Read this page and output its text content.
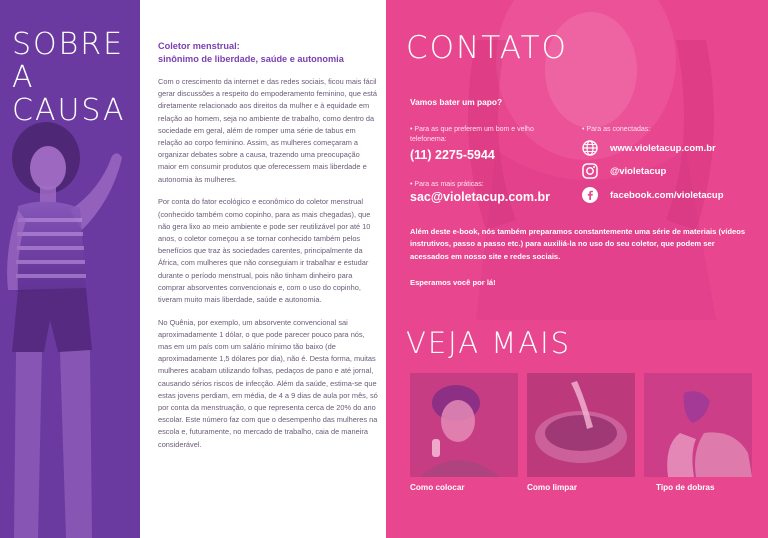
SOBRE
A CAUSA
Coletor menstrual:
sinônimo de liberdade, saúde e autonomia

Com o crescimento da internet e das redes sociais, ficou mais fácil gerar discussões a respeito do empoderamento feminino, que está diretamente relacionado aos direitos da mulher e à equidade em relação ao homem, seja no ambiente de trabalho, como dentro da sociedade em geral, além de romper uma série de tabus em relação ao corpo feminino. Assim, as mulheres começaram a organizar debates sobre a causa, trazendo uma preocupação maior em consumir produtos que oferecessem mais liberdade e autonomia às mulheres.

Por conta do fator ecológico e econômico do coletor menstrual (conhecido também como copinho, para as mais chegadas), que não gera lixo ao meio ambiente e pode ser reutilizável por até 10 anos, o coletor começou a se tornar conhecido também pelos benefícios que traz às sociedades carentes, principalmente da África, com mulheres que não conseguiam ir trabalhar e estudar durante o período menstrual, pois não tinham dinheiro para comprar absorventes convencionais e, com o uso do copinho, tiveram muito mais liberdade, saúde e autonomia.

No Quênia, por exemplo, um absorvente convencional sai aproximadamente 1 dólar, o que pode parecer pouco para nós, mas em um país com um salário mínimo tão baixo (de aproximadamente 1,5 dólares por dia), não é. Desta forma, muitas mulheres acabam utilizando folhas, pedaços de pano e até jornal, causando sérios riscos de infecção. Além da saúde, estima-se que estas jovens perdiam, em média, de 4 a 9 dias de aula por mês, só por conta da menstruação, o que representa cerca de 20% do ano escolar. Este número faz com que o desempenho das mulheres na escola e, futuramente, no mercado de trabalho, caia de maneira considerável.

CONTATO
Vamos bater um papo?
• Para as que preferem um bom e velho telefonema:
(11) 2275-5944
• Para as mais práticas:
sac@violetacup.com.br
• Para as conectadas:
www.violetacup.com.br
@violetacup
facebook.com/violetacup
Além deste e-book, nós também preparamos constantemente uma série de materiais (vídeos instrutivos, passo a passo etc.) para auxiliá-la no uso do seu coletor, que podem ser acessados em nosso site e redes sociais.
Esperamos você por lá!
VEJA MAIS
Como colocar	Como limpar	Tipo de dobras
